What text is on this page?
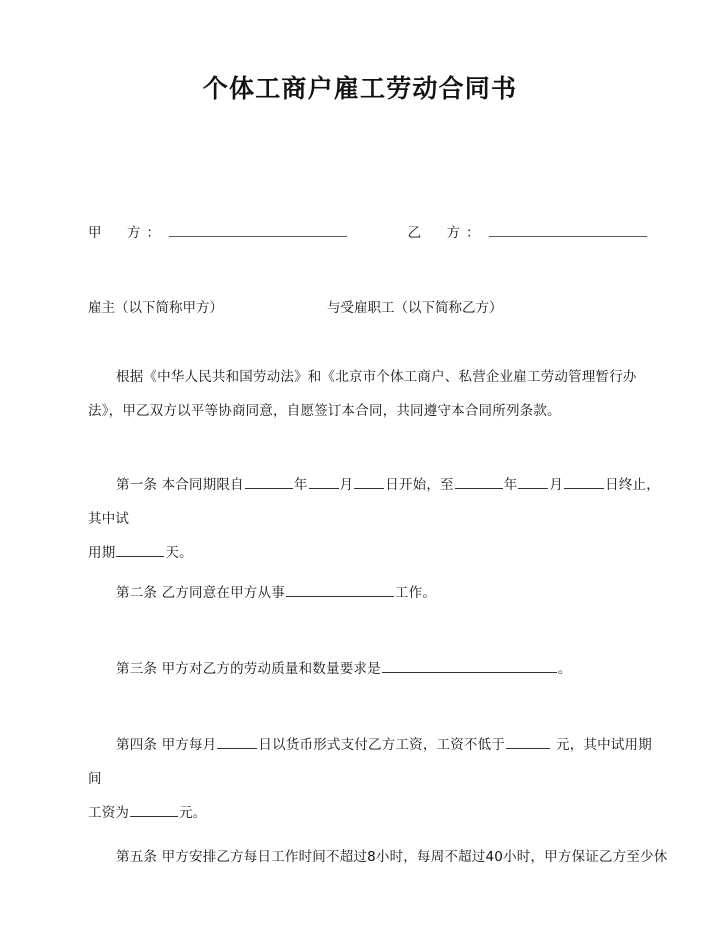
个体工商户雇工劳动合同书
甲　方：	乙　方：
雇主（以下简称甲方）	与受雇职工（以下简称乙方）
根据《中华人民共和国劳动法》和《北京市个体工商户、私营企业雇工劳动管理暂行办
法》，甲乙双方以平等协商同意，自愿签订本合同，共同遵守本合同所列条款。
第一条 本合同期限自	年 月 日开始，至	年 月	日终止，其中试
用期	天。
第二条 乙方同意在甲方从事	工作。
第三条 甲方对乙方的劳动质量和数量要求是	。
第四条 甲方每月	日以货币形式支付乙方工资，工资不低于	元，其中试用期间
工资为	元。
第五条 甲方安排乙方每日工作时间不超过8小时，每周不超过40小时，甲方保证乙方至少休
